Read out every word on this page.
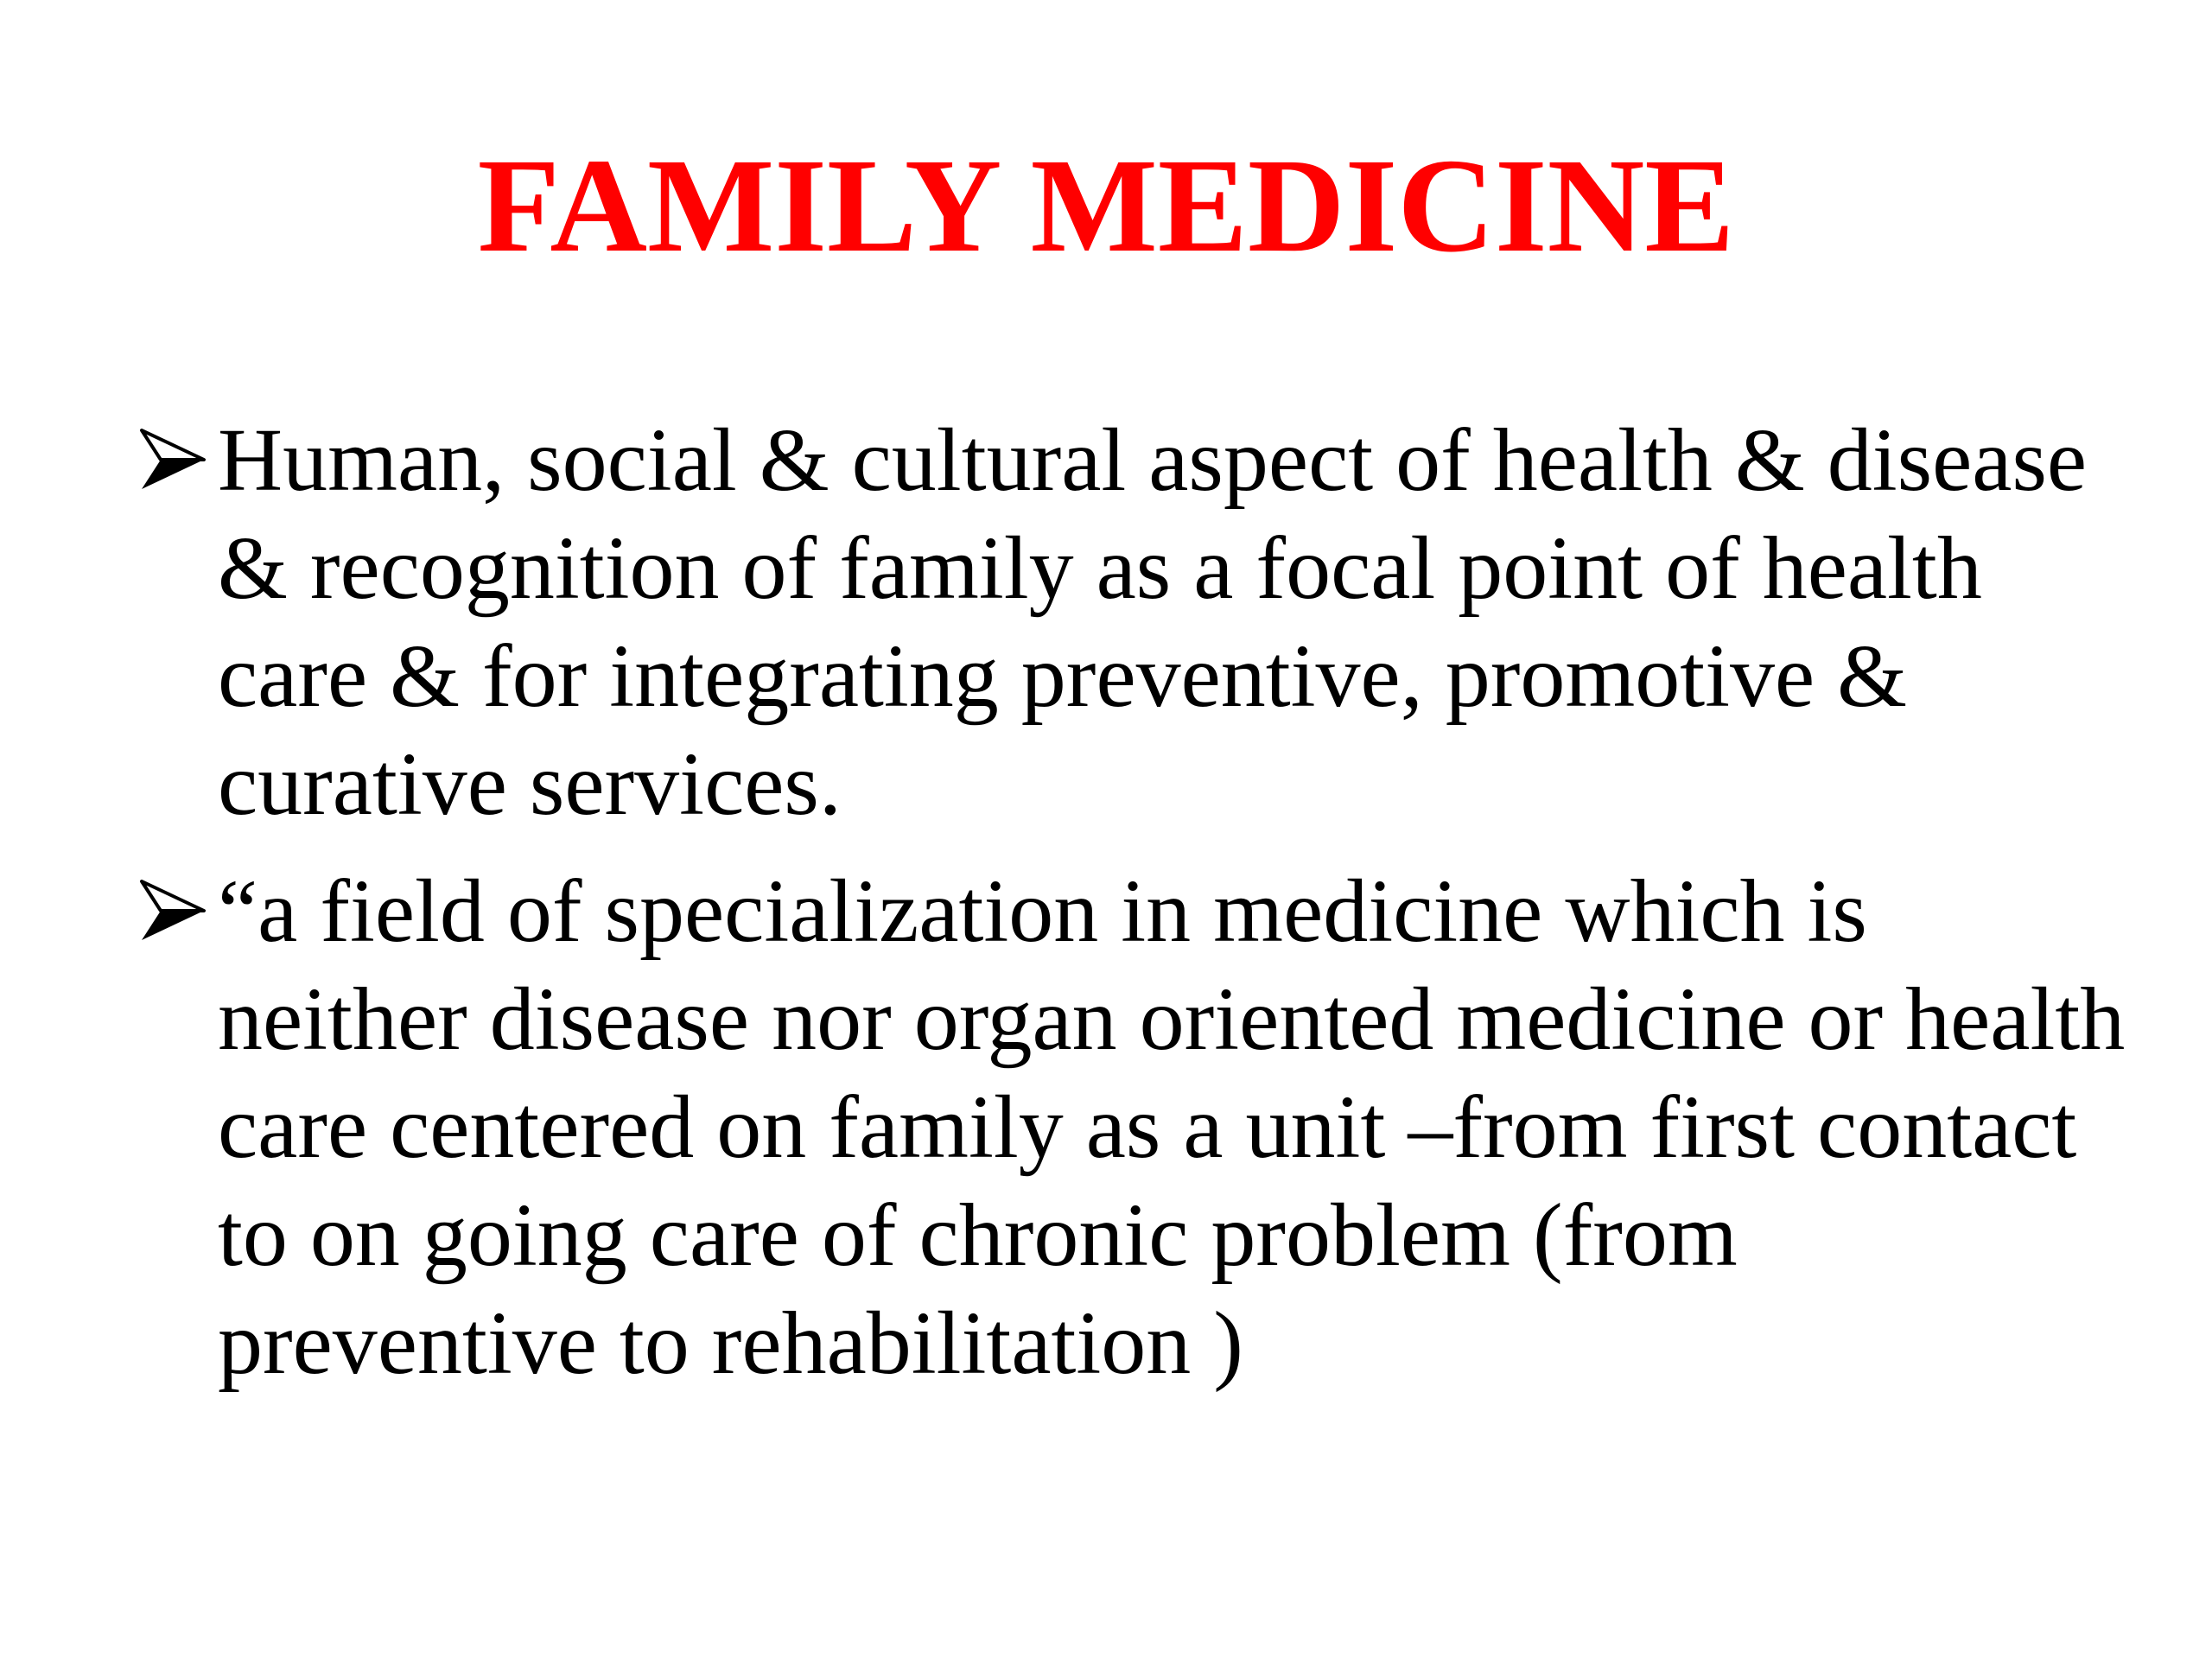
FAMILY MEDICINE
Human, social & cultural aspect of health & disease & recognition of family as a focal point of health care & for integrating preventive, promotive & curative services.
“a field of specialization in medicine which is neither disease nor organ oriented medicine or health care centered on family as a unit –from first contact to on going care of chronic problem (from preventive to rehabilitation )
